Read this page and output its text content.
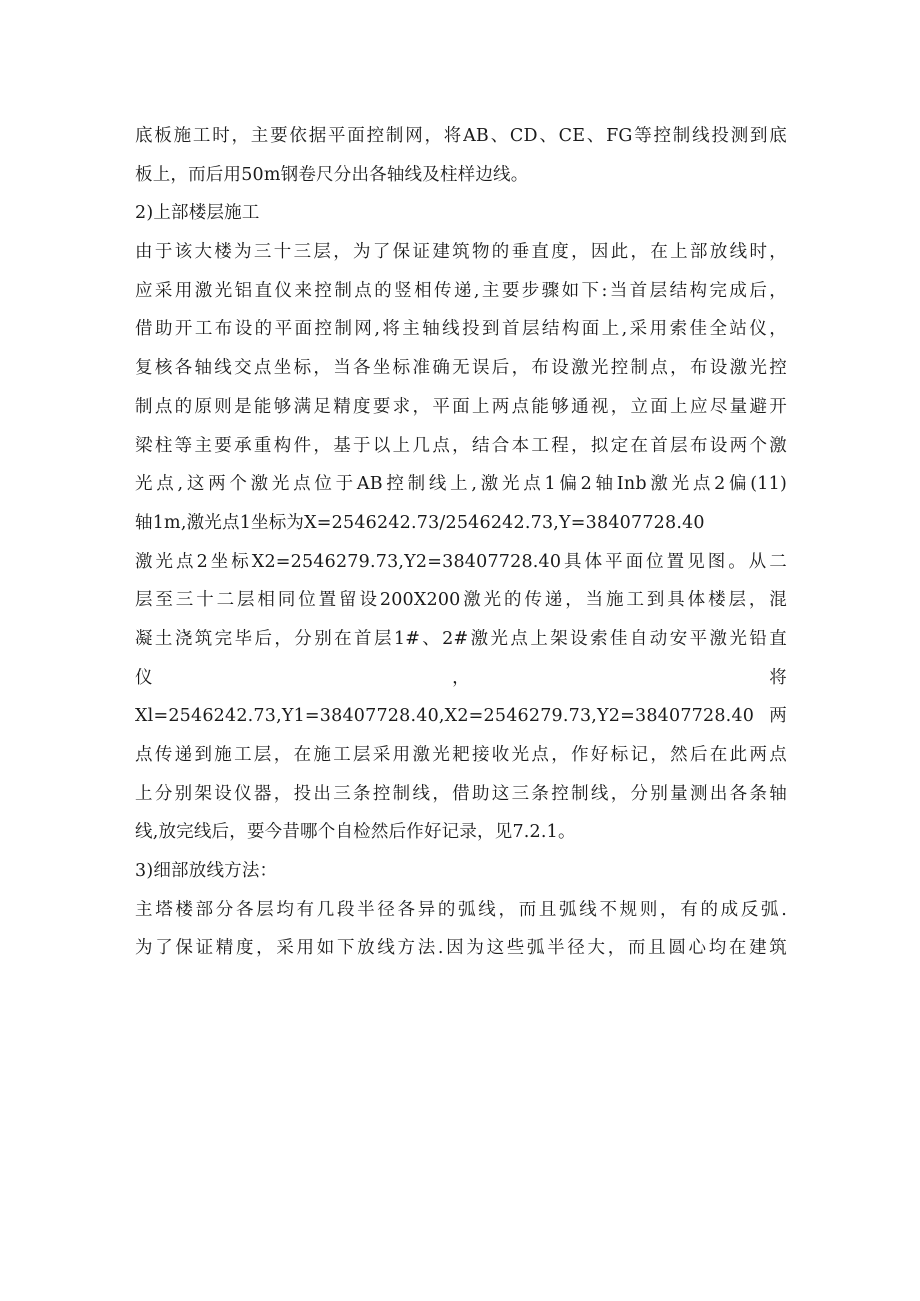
底板施工时，主要依据平面控制网，将AB、CD、CE、FG等控制线投测到底
板上，而后用50m钢卷尺分出各轴线及柱样边线。
2)上部楼层施工
由于该大楼为三十三层，为了保证建筑物的垂直度，因此，在上部放线时，
应采用激光铝直仪来控制点的竖相传递,主要步骤如下:当首层结构完成后，
借助开工布设的平面控制网,将主轴线投到首层结构面上,采用索佳全站仪，
复核各轴线交点坐标，当各坐标准确无误后，布设激光控制点，布设激光控
制点的原则是能够满足精度要求，平面上两点能够通视，立面上应尽量避开
梁柱等主要承重构件，基于以上几点，结合本工程，拟定在首层布设两个激
光点,这两个激光点位于AB控制线上,激光点1偏2轴Inb激光点2偏(11)
轴1m,激光点1坐标为X=2546242.73/2546242.73,Y=38407728.40
激光点2坐标X2=2546279.73,Y2=38407728.40具体平面位置见图。从二
层至三十二层相同位置留设200X200激光的传递，当施工到具体楼层，混
凝土浇筑完毕后，分别在首层1#、2#激光点上架设索佳自动安平激光铅直
仪 ， 将
Xl=2546242.73,Y1=38407728.40,X2=2546279.73,Y2=38407728.40 两
点传递到施工层，在施工层采用激光耙接收光点，作好标记，然后在此两点
上分别架设仪器，投出三条控制线，借助这三条控制线，分别量测出各条轴
线,放完线后，要今昔哪个自检然后作好记录，见7.2.1。
3)细部放线方法：
主塔楼部分各层均有几段半径各异的弧线，而且弧线不规则，有的成反弧.
为了保证精度，采用如下放线方法.因为这些弧半径大，而且圆心均在建筑
